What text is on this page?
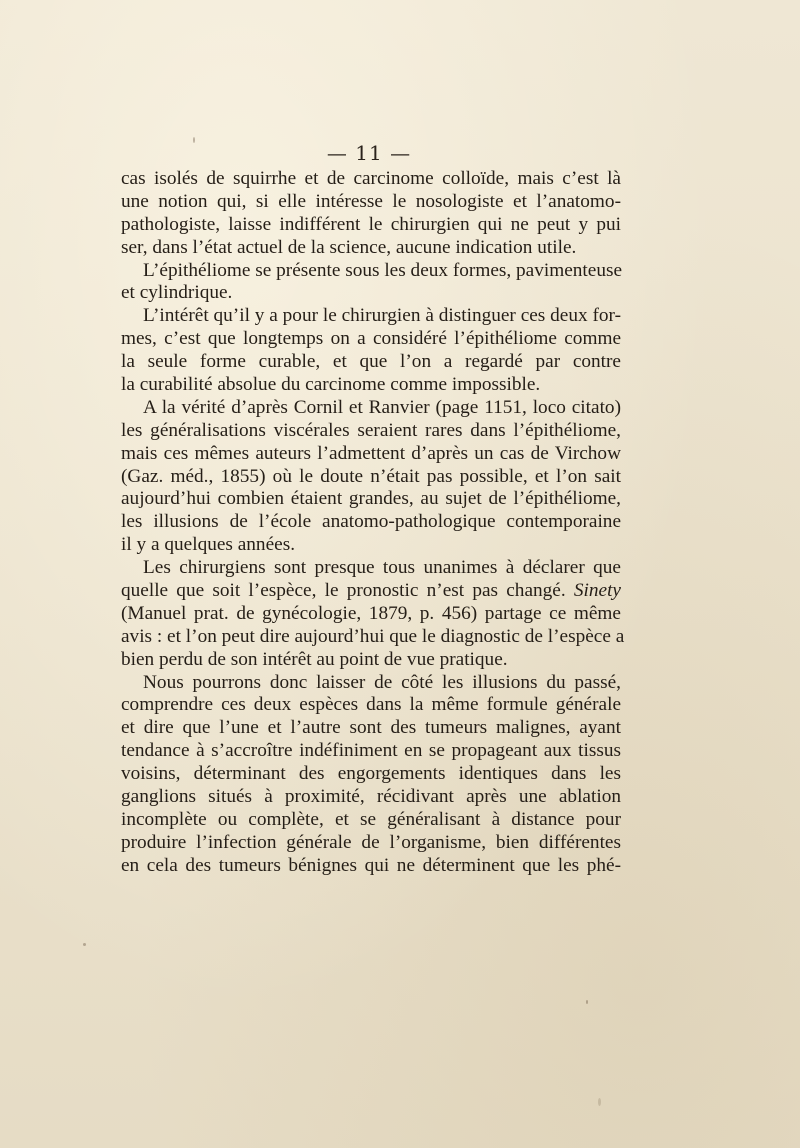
— 11 —
cas isolés de squirrhe et de carcinome colloïde, mais c’est là
une notion qui, si elle intéresse le nosologiste et l’anatomo-
pathologiste, laisse indifférent le chirurgien qui ne peut y pui
ser, dans l’état actuel de la science, aucune indication utile.
L’épithéliome se présente sous les deux formes, pavimenteuse
et cylindrique.
L’intérêt qu’il y a pour le chirurgien à distinguer ces deux for-
mes, c’est que longtemps on a considéré l’épithéliome comme
la seule forme curable, et que l’on a regardé par contre
la curabilité absolue du carcinome comme impossible.
A la vérité d’après Cornil et Ranvier (page 1151, loco citato)
les généralisations viscérales seraient rares dans l’épithéliome,
mais ces mêmes auteurs l’admettent d’après un cas de Virchow
(Gaz. méd., 1855) où le doute n’était pas possible, et l’on sait
aujourd’hui combien étaient grandes, au sujet de l’épithéliome,
les illusions de l’école anatomo-pathologique contemporaine
il y a quelques années.
Les chirurgiens sont presque tous unanimes à déclarer que
quelle que soit l’espèce, le pronostic n’est pas changé. Sinety
(Manuel prat. de gynécologie, 1879, p. 456) partage ce même
avis : et l’on peut dire aujourd’hui que le diagnostic de l’espèce a
bien perdu de son intérêt au point de vue pratique.
Nous pourrons donc laisser de côté les illusions du passé,
comprendre ces deux espèces dans la même formule générale
et dire que l’une et l’autre sont des tumeurs malignes, ayant
tendance à s’accroître indéfiniment en se propageant aux tissus
voisins, déterminant des engorgements identiques dans les
ganglions situés à proximité, récidivant après une ablation
incomplète ou complète, et se généralisant à distance pour
produire l’infection générale de l’organisme, bien différentes
en cela des tumeurs bénignes qui ne déterminent que les phé-
